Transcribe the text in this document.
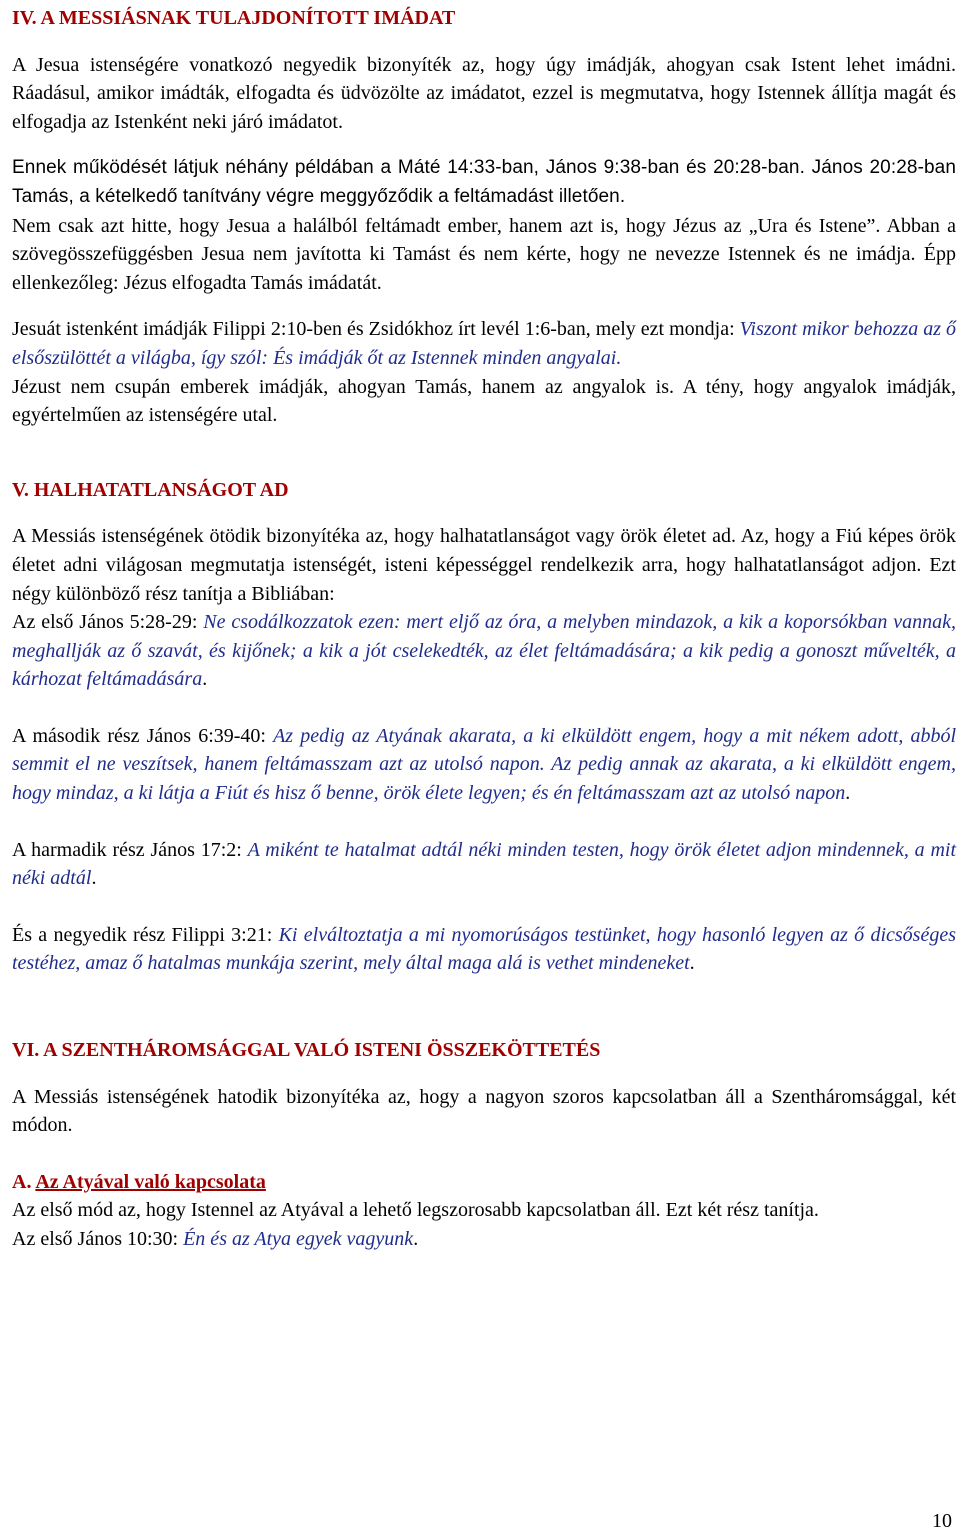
IV. A MESSIÁSNAK TULAJDONÍTOTT IMÁDAT

A Jesua istenségére vonatkozó negyedik bizonyíték az, hogy úgy imádják, ahogyan csak Istent lehet imádni. Ráadásul, amikor imádták, elfogadta és üdvözölte az imádatot, ezzel is megmutatva, hogy Istennek állítja magát és elfogadja az Istenként neki járó imádatot.

Ennek működését látjuk néhány példában a Máté 14:33-ban, János 9:38-ban és 20:28-ban. János 20:28-ban Tamás, a kételkedő tanítvány végre meggyőződik a feltámadást illetően.

Nem csak azt hitte, hogy Jesua a halálból feltámadt ember, hanem azt is, hogy Jézus az „Ura és Istene”. Abban a szövegösszefüggésben Jesua nem javította ki Tamást és nem kérte, hogy ne nevezze Istennek és ne imádja. Épp ellenkezőleg: Jézus elfogadta Tamás imádatát.

Jesuát istenként imádják Filippi 2:10-ben és Zsidókhoz írt levél 1:6-ban, mely ezt mondja: Viszont mikor behozza az ő elsőszülöttét a világba, így szól: És imádják őt az Istennek minden angyalai.

Jézust nem csupán emberek imádják, ahogyan Tamás, hanem az angyalok is. A tény, hogy angyalok imádják, egyértelműen az istenségére utal.

V. HALHATATLANSÁGOT AD

A Messiás istenségének ötödik bizonyítéka az, hogy halhatatlanságot vagy örök életet ad. Az, hogy a Fiú képes örök életet adni világosan megmutatja istenségét, isteni képességgel rendelkezik arra, hogy halhatatlanságot adjon. Ezt négy különböző rész tanítja a Bibliában:

Az első János 5:28-29: Ne csodálkozzatok ezen: mert eljő az óra, a melyben mindazok, a kik a koporsókban vannak, meghallják az ő szavát, és kijőnek; a kik a jót cselekedték, az élet feltámadására; a kik pedig a gonoszt művelték, a kárhozat feltámadására.

A második rész János 6:39-40: Az pedig az Atyának akarata, a ki elküldött engem, hogy a mit nékem adott, abból semmit el ne veszítsek, hanem feltámasszam azt az utolsó napon. Az pedig annak az akarata, a ki elküldött engem, hogy mindaz, a ki látja a Fiút és hisz ő benne, örök élete legyen; és én feltámasszam azt az utolsó napon.

A harmadik rész János 17:2: A miként te hatalmat adtál néki minden testen, hogy örök életet adjon mindennek, a mit néki adtál.

És a negyedik rész Filippi 3:21: Ki elváltoztatja a mi nyomorúságos testünket, hogy hasonló legyen az ő dicsőséges testéhez, amaz ő hatalmas munkája szerint, mely által maga alá is vethet mindeneket.

VI. A SZENTHÁROMSÁGGAL VALÓ ISTENI ÖSSZEKÖTTETÉS

A Messiás istenségének hatodik bizonyítéka az, hogy a nagyon szoros kapcsolatban áll a Szentháromsággal, két módon.

A. Az Atyával való kapcsolata

Az első mód az, hogy Istennel az Atyával a lehető legszorosabb kapcsolatban áll. Ezt két rész tanítja.

Az első János 10:30: Én és az Atya egyek vagyunk.

10
